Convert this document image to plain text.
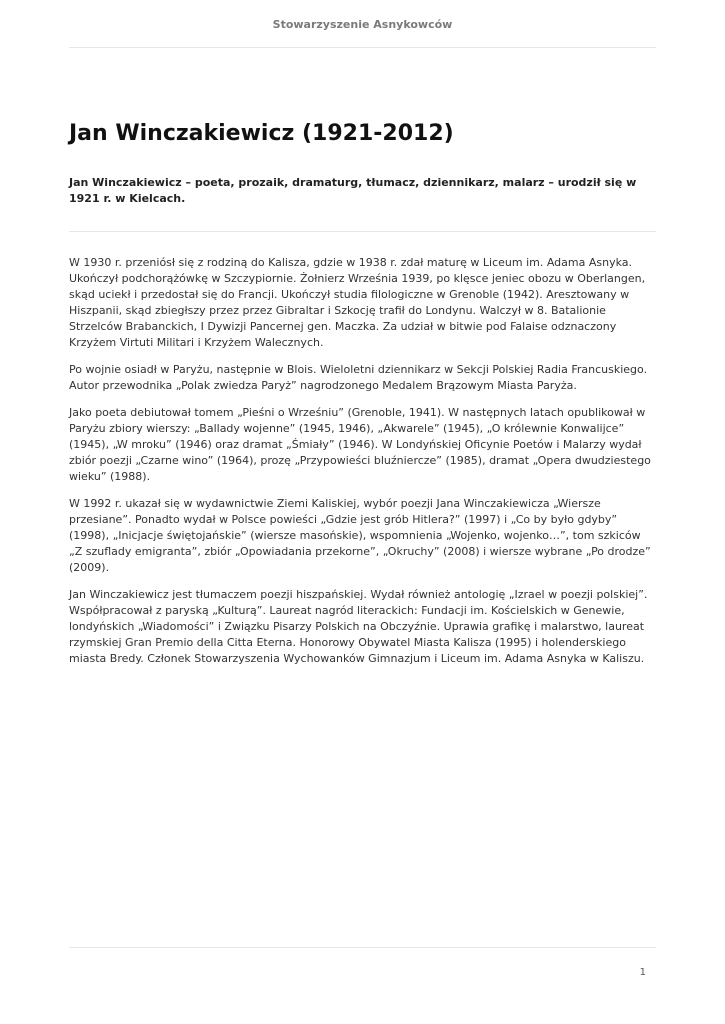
Stowarzyszenie Asnykowców
Jan Winczakiewicz (1921-2012)

Jan Winczakiewicz – poeta, prozaik, dramaturg, tłumacz, dziennikarz, malarz – urodził się w 1921 r. w Kielcach.

W 1930 r. przeniósł się z rodziną do Kalisza, gdzie w 1938 r. zdał maturę w Liceum im. Adama Asnyka. Ukończył podchorążówkę w Szczypiornie. Żołnierz Września 1939, po klęsce jeniec obozu w Oberlangen, skąd uciekł i przedostał się do Francji. Ukończył studia filologiczne w Grenoble (1942). Aresztowany w Hiszpanii, skąd zbiegłszy przez przez Gibraltar i Szkocję trafił do Londynu. Walczył w 8. Batalionie Strzelców Brabanckich, I Dywizji Pancernej gen. Maczka. Za udział w bitwie pod Falaise odznaczony Krzyżem Virtuti Militari i Krzyżem Walecznych.

Po wojnie osiadł w Paryżu, następnie w Blois. Wieloletni dziennikarz w Sekcji Polskiej Radia Francuskiego. Autor przewodnika „Polak zwiedza Paryż” nagrodzonego Medalem Brązowym Miasta Paryża.

Jako poeta debiutował tomem „Pieśni o Wrześniu” (Grenoble, 1941). W następnych latach opublikował w Paryżu zbiory wierszy: „Ballady wojenne” (1945, 1946), „Akwarele” (1945), „O królewnie Konwalijce” (1945), „W mroku” (1946) oraz dramat „Śmiały” (1946). W Londyńskiej Oficynie Poetów i Malarzy wydał zbiór poezji „Czarne wino” (1964), prozę „Przypowieści bluźniercze” (1985), dramat „Opera dwudziestego wieku” (1988).

W 1992 r. ukazał się w wydawnictwie Ziemi Kaliskiej, wybór poezji Jana Winczakiewicza „Wiersze przesiane”. Ponadto wydał w Polsce powieści „Gdzie jest grób Hitlera?” (1997) i „Co by było gdyby” (1998), „Inicjacje świętojańskie” (wiersze masońskie), wspomnienia „Wojenko, wojenko…”, tom szkiców „Z szuflady emigranta”, zbiór „Opowiadania przekorne”, „Okruchy” (2008) i wiersze wybrane „Po drodze” (2009).

Jan Winczakiewicz jest tłumaczem poezji hiszpańskiej. Wydał również antologię „Izrael w poezji polskiej”. Współpracował z paryską „Kulturą”. Laureat nagród literackich: Fundacji im. Kościelskich w Genewie, londyńskich „Wiadomości” i Związku Pisarzy Polskich na Obczyźnie. Uprawia grafikę i malarstwo, laureat rzymskiej Gran Premio della Citta Eterna. Honorowy Obywatel Miasta Kalisza (1995) i holenderskiego miasta Bredy. Członek Stowarzyszenia Wychowanków Gimnazjum i Liceum im. Adama Asnyka w Kaliszu.

1
